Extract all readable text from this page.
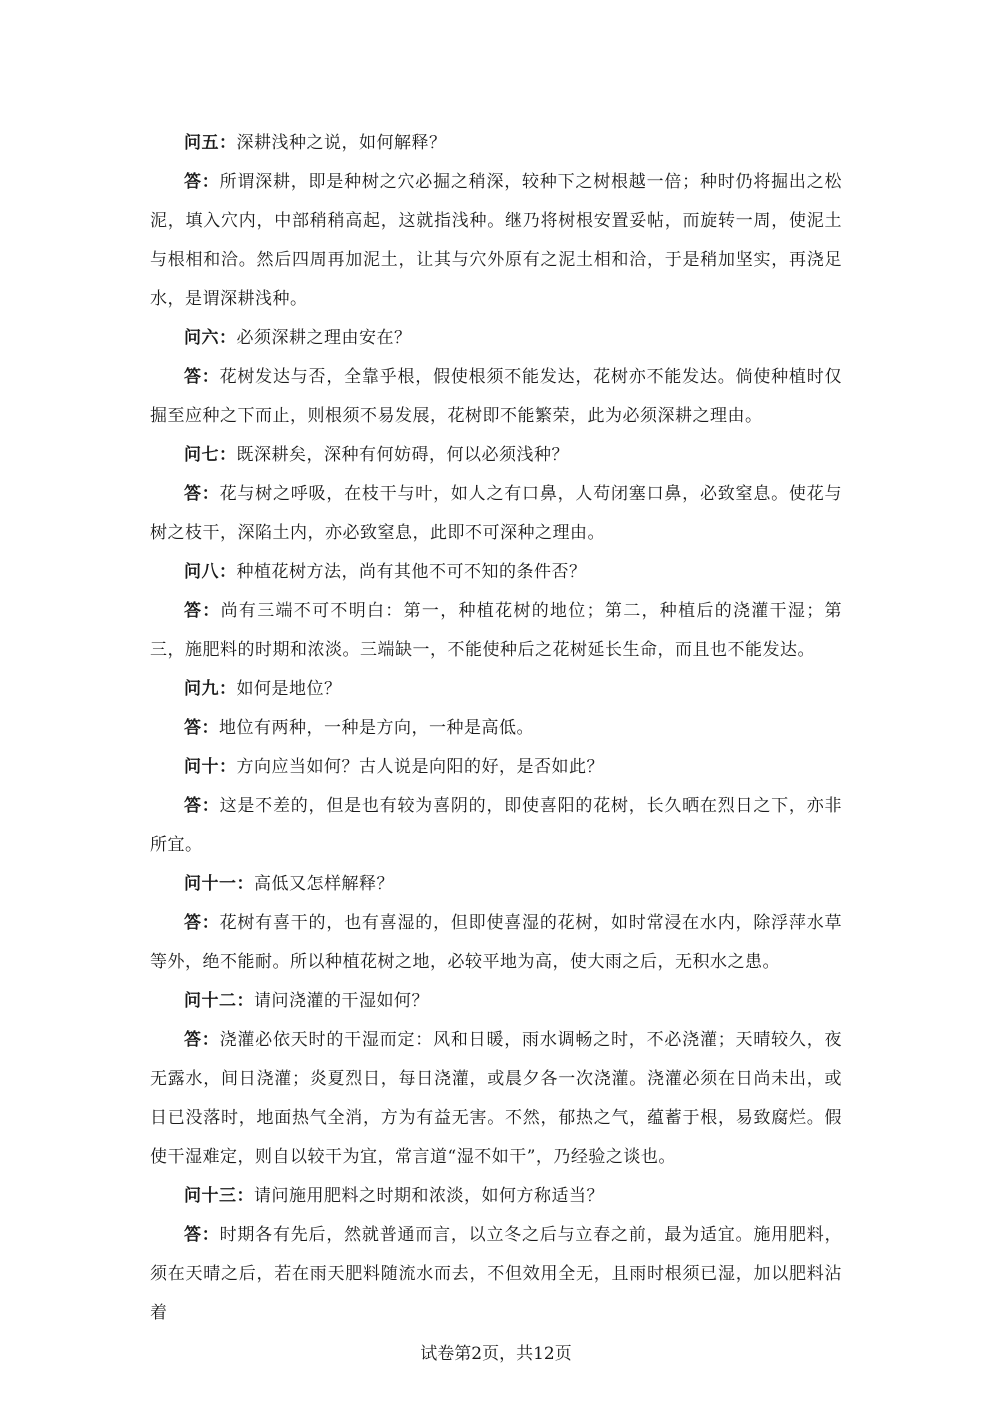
问五：深耕浅种之说，如何解释？

答：所谓深耕，即是种树之穴必掘之稍深，较种下之树根越一倍；种时仍将掘出之松泥，填入穴内，中部稍稍高起，这就指浅种。继乃将树根安置妥帖，而旋转一周，使泥土与根相和洽。然后四周再加泥土，让其与穴外原有之泥土相和洽，于是稍加坚实，再浇足水，是谓深耕浅种。

问六：必须深耕之理由安在？

答：花树发达与否，全靠乎根，假使根须不能发达，花树亦不能发达。倘使种植时仅掘至应种之下而止，则根须不易发展，花树即不能繁荣，此为必须深耕之理由。

问七：既深耕矣，深种有何妨碍，何以必须浅种？

答：花与树之呼吸，在枝干与叶，如人之有口鼻，人苟闭塞口鼻，必致窒息。使花与树之枝干，深陷土内，亦必致窒息，此即不可深种之理由。

问八：种植花树方法，尚有其他不可不知的条件否？

答：尚有三端不可不明白：第一，种植花树的地位；第二，种植后的浇灌干湿；第三，施肥料的时期和浓淡。三端缺一，不能使种后之花树延长生命，而且也不能发达。

问九：如何是地位？

答：地位有两种，一种是方向，一种是高低。

问十：方向应当如何？古人说是向阳的好，是否如此？

答：这是不差的，但是也有较为喜阴的，即使喜阳的花树，长久晒在烈日之下，亦非所宜。

问十一：高低又怎样解释？

答：花树有喜干的，也有喜湿的，但即使喜湿的花树，如时常浸在水内，除浮萍水草等外，绝不能耐。所以种植花树之地，必较平地为高，使大雨之后，无积水之患。

问十二：请问浇灌的干湿如何？

答：浇灌必依天时的干湿而定：风和日暖，雨水调畅之时，不必浇灌；天晴较久，夜无露水，间日浇灌；炎夏烈日，每日浇灌，或晨夕各一次浇灌。浇灌必须在日尚未出，或日已没落时，地面热气全消，方为有益无害。不然，郁热之气，蕴蓄于根，易致腐烂。假使干湿难定，则自以较干为宜，常言道“湿不如干”，乃经验之谈也。

问十三：请问施用肥料之时期和浓淡，如何方称适当？

答：时期各有先后，然就普通而言，以立冬之后与立春之前，最为适宜。施用肥料，须在天晴之后，若在雨天肥料随流水而去，不但效用全无，且雨时根须已湿，加以肥料沾着

试卷第2页，共12页
